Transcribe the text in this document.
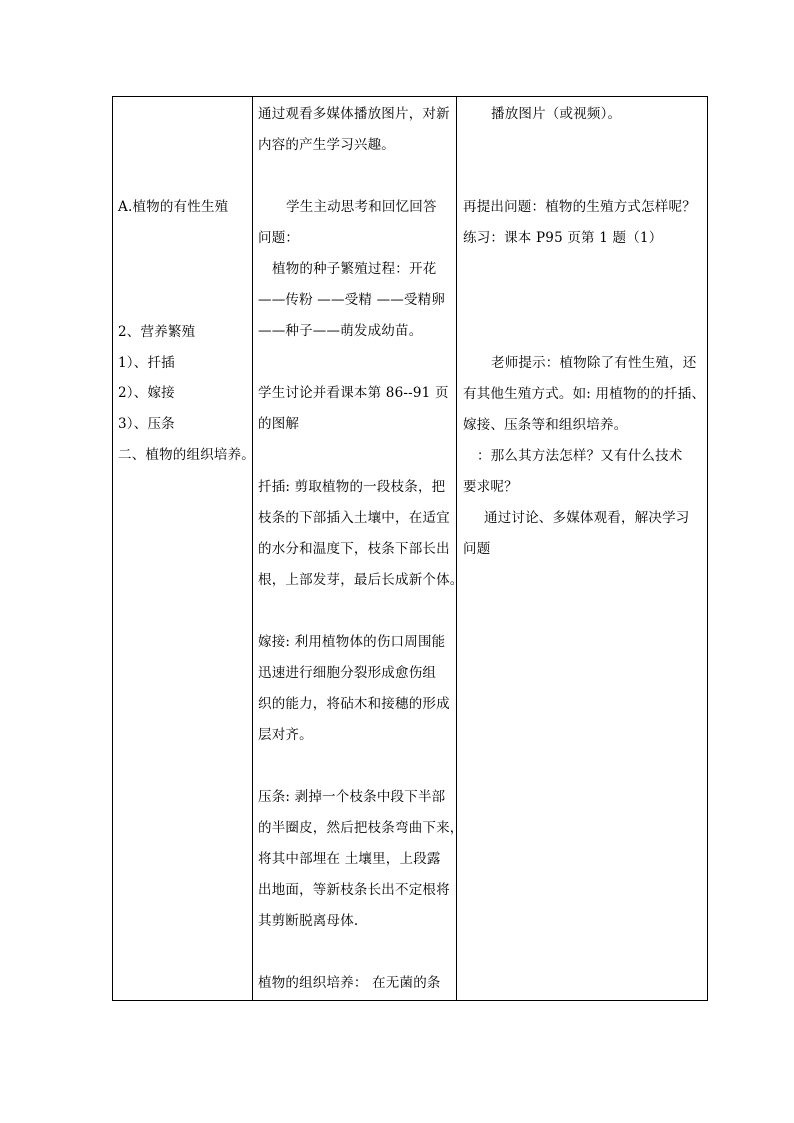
A.植物的有性生殖
2、营养繁殖
1）、扦插
2）、嫁接
3）、压条
二、植物的组织培养。
通过观看多媒体播放图片，对新
内容的产生学习兴趣。
学生主动思考和回忆回答
问题：
植物的种子繁殖过程：开花
——传粉 ——受精 ——受精卵
——种子——萌发成幼苗。
学生讨论并看课本第 86--91 页
的图解
扦插: 剪取植物的一段枝条，把
枝条的下部插入土壤中，在适宜
的水分和温度下，枝条下部长出
根，上部发芽，最后长成新个体。
嫁接: 利用植物体的伤口周围能
迅速进行细胞分裂形成愈伤组
织的能力，将砧木和接穗的形成
层对齐。
压条: 剥掉一个枝条中段下半部
的半圈皮，然后把枝条弯曲下来，
将其中部埋在 土壤里，上段露
出地面，等新枝条长出不定根将
其剪断脱离母体.
植物的组织培养： 在无菌的条
播放图片（或视频）。
再提出问题：植物的生殖方式怎样呢？
练习：课本 P95 页第 1 题（1）
老师提示：植物除了有性生殖，还
有其他生殖方式。如: 用植物的的扦插、
嫁接、压条等和组织培养。
：那么其方法怎样？又有什么技术
要求呢？
通过讨论、多媒体观看，解决学习
问题
